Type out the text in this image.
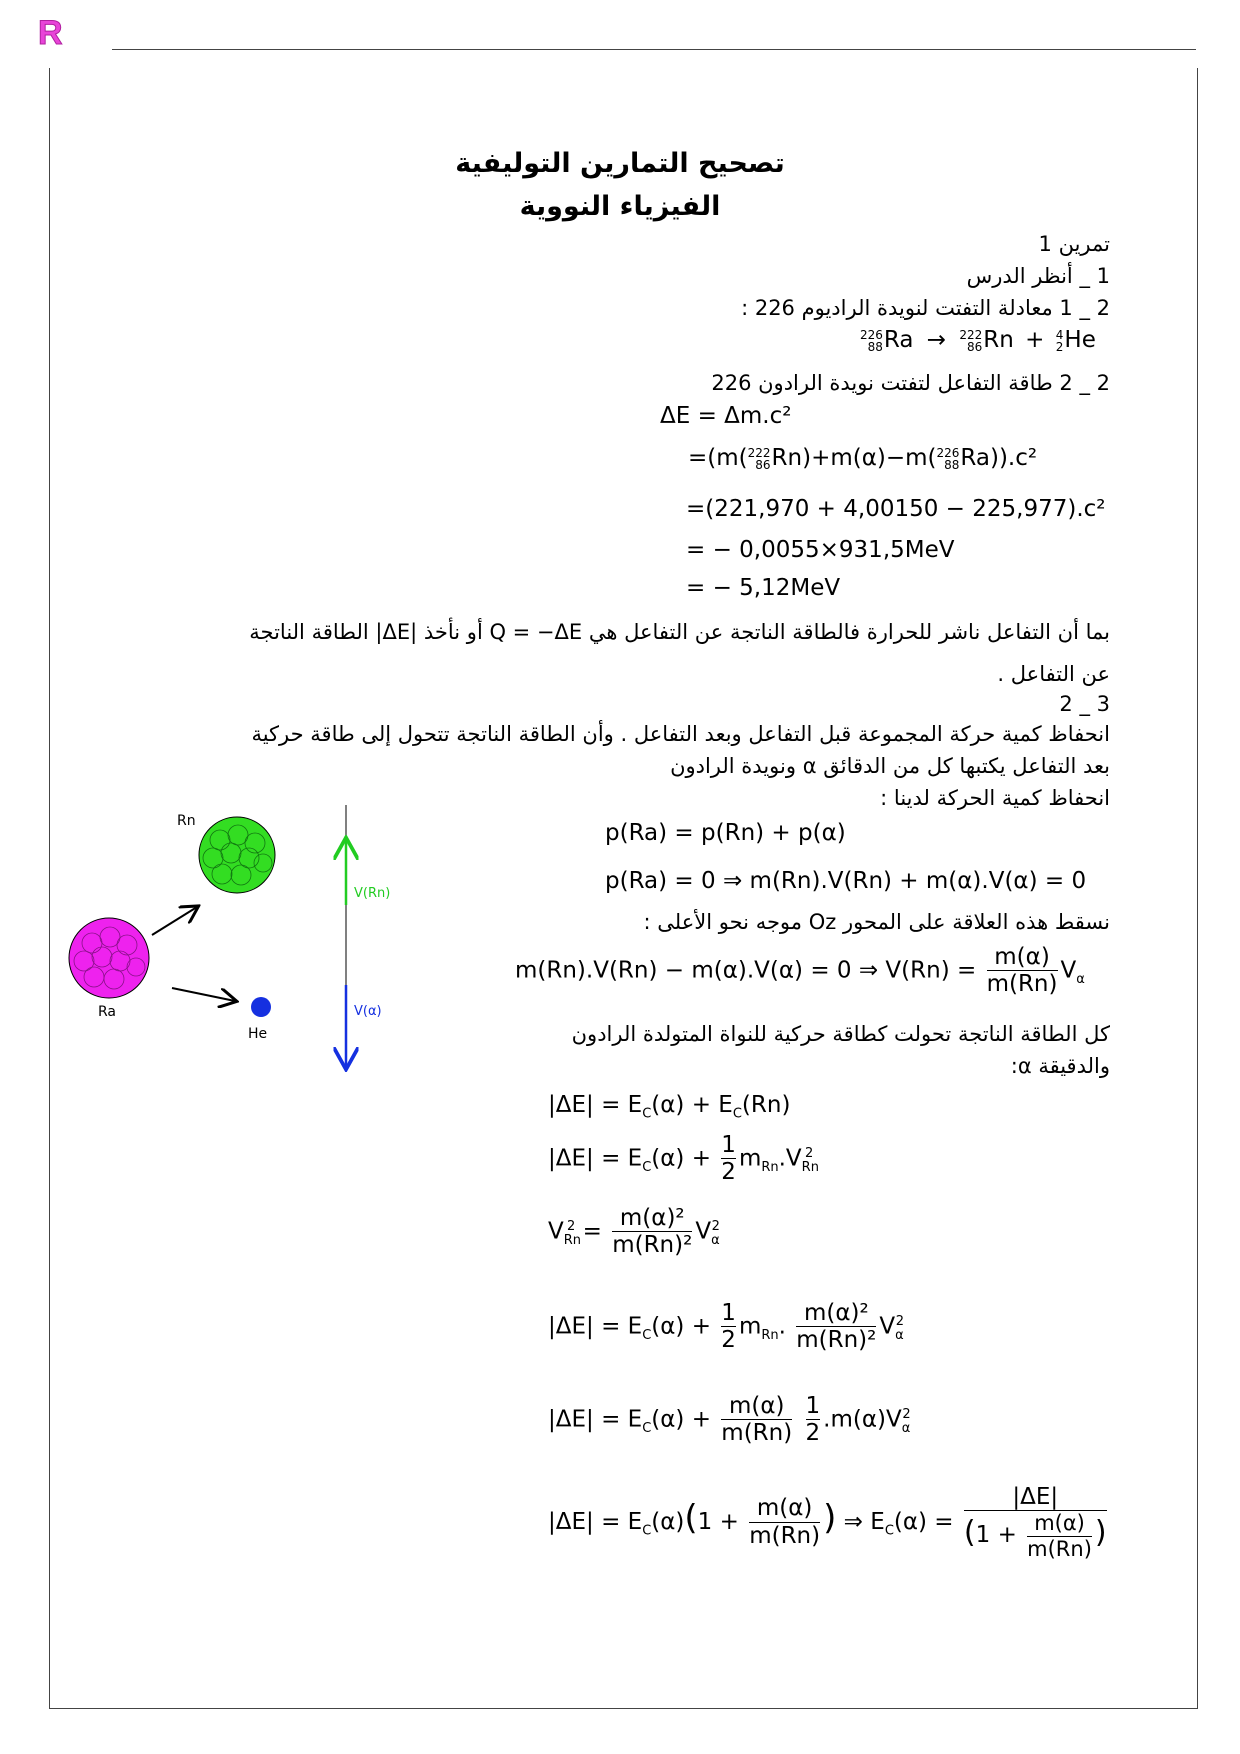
R
تصحيح التمارين التوليفية
الفيزياء النووية
تمرين 1
1 _ أنظر الدرس
2 _ 1 معادلة التفتت لنويدة الراديوم 226 :
226
88 Ra → 222
86 Rn + 4
2 He
2 _ 2 طاقة التفاعل لتفتت نويدة الرادون 226
ΔE = Δm.c²
=(m( 222
86 Rn)+m(α)−m( 226
88 Ra)).c²
=(221,970 + 4,00150 − 225,977).c²
= − 0,0055×931,5MeV
= − 5,12MeV
بما أن التفاعل ناشر للحرارة فالطاقة الناتجة عن التفاعل هي Q = −ΔE أو نأخذ |ΔE| الطاقة الناتجة
عن التفاعل .
3 _ 2
انحفاظ كمية حركة المجموعة قبل التفاعل وبعد التفاعل . وأن الطاقة الناتجة تتحول إلى طاقة حركية
بعد التفاعل يكتبها كل من الدقائق α ونويدة الرادون
انحفاظ كمية الحركة لدينا :
p(Ra) = p(Rn) + p(α)
p(Ra) = 0 ⇒ m(Rn).V(Rn) + m(α).V(α) = 0
نسقط هذه العلاقة على المحور Oz موجه نحو الأعلى :
m(Rn).V(Rn) − m(α).V(α) = 0 ⇒ $V(Rn) = \frac{m(\alpha)}{m(Rn)} V_\alpha$
كل الطاقة الناتجة تحولت كطاقة حركية للنواة المتولدة الرادون
والدقيقة α:
$|\Delta E| = E_C(\alpha) + E_C(Rn)$
$|\Delta E| = E_C(\alpha) + \frac{1}{2} m_{Rn}.V_{Rn}^2$
$V_{Rn}^2 = \frac{\text{m(α)²}}{\text{m(Rn)²}} V_\alpha^2$
$|\Delta E| = E_C(\alpha) + \frac{1}{2} m_{Rn}$. $\frac{\text{m(α)²}}{\text{m(Rn)²}} V_\alpha^2$
$|\Delta E| = E_C(\alpha) + \frac{m(\alpha)}{m(Rn)}$
$\frac{1}{2} .m(\alpha)V_\alpha^2$
$|\Delta E| = E_C(\alpha)(1 + \frac{m(\alpha)}{m(Rn)}$ ) ⇒ $E_C(\alpha) = \frac{|\Delta E|}{(1 + \frac{m(\alpha)}{m(Rn)} )}$
Rn
Ra
He
V(Rn)
V(α)
